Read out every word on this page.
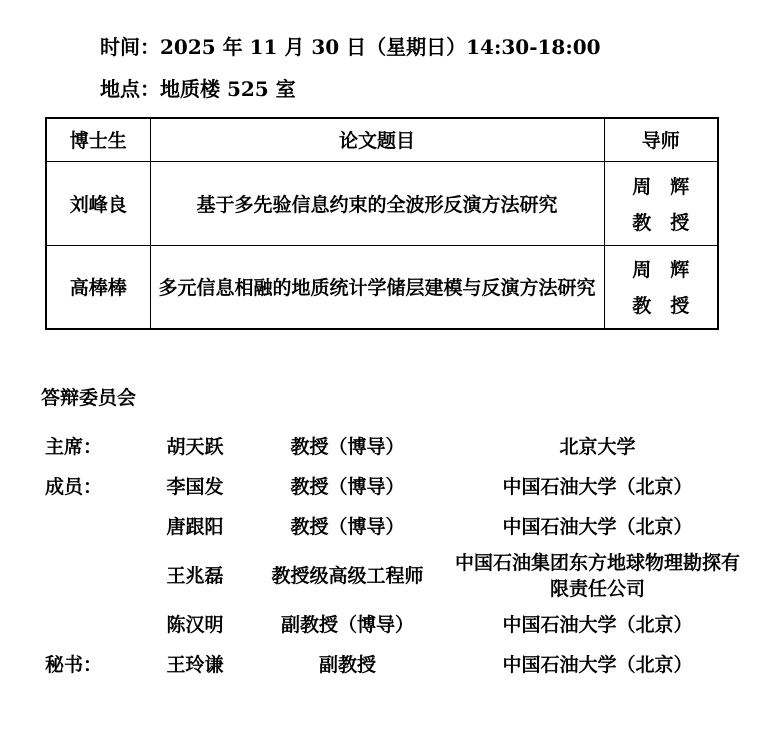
时间：2025 年 11 月 30 日（星期日）14:30-18:00
地点：地质楼 525 室
博士生	论文题目	导师
刘峰良	基于多先验信息约束的全波形反演方法研究	周　辉
教　授

高棒棒	多元信息相融的地质统计学储层建模与反演方法研究	周　辉
教　授
答辩委员会
主席：	胡天跃	教授（博导）	北京大学
成员：	李国发	教授（博导）	中国石油大学（北京）
唐跟阳	教授（博导）	中国石油大学（北京）
王兆磊	教授级高级工程师
中国石油集团东方地球物理勘探有限责任公司
陈汉明	副教授（博导）	中国石油大学（北京）
秘书：	王玲谦	副教授	中国石油大学（北京）
